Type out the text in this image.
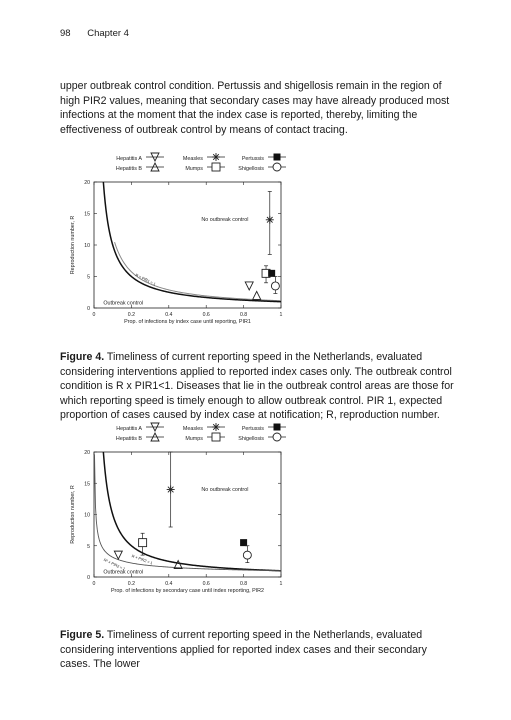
98 Chapter 4
upper outbreak control condition. Pertussis and shigellosis remain in the region of high PIR2 values, meaning that secondary cases may have already produced most infections at the moment that the index case is reported, thereby, limiting the effectiveness of outbreak control by means of contact tracing.
Figure 4. Timeliness of current reporting speed in the Netherlands, evaluated considering interventions applied to reported index cases only. The outbreak control condition is R x PIR1<1. Diseases that lie in the outbreak control areas are those for which reporting speed is timely enough to allow outbreak control. PIR 1, expected proportion of cases caused by index case at notification; R, reproduction number.
Figure 5. Timeliness of current reporting speed in the Netherlands, evaluated considering interventions applied for reported index cases and their secondary cases. The lower
Hepatitis A
Hepatitis B
Measles
Mumps
Pertussis
Shigellosis
0	0.2	0.4	0.6	0.8	1
0
5
10
15
20
Prop. of infections by index case until reporting, PIR1
Reproduction number, R	No outbreak control
Outbreak control
R × PIR1 = 1
Hepatitis A
Hepatitis B
Measles
Mumps
Pertussis
Shigellosis
0	0.2	0.4	0.6	0.8	1
0
5
10
15
20
Prop. of infections by secondary case until index reporting, PIR2
Reproduction number, R	No outbreak control
Outbreak control
R × PIR2 = 1
R² × PIR2 = 1
